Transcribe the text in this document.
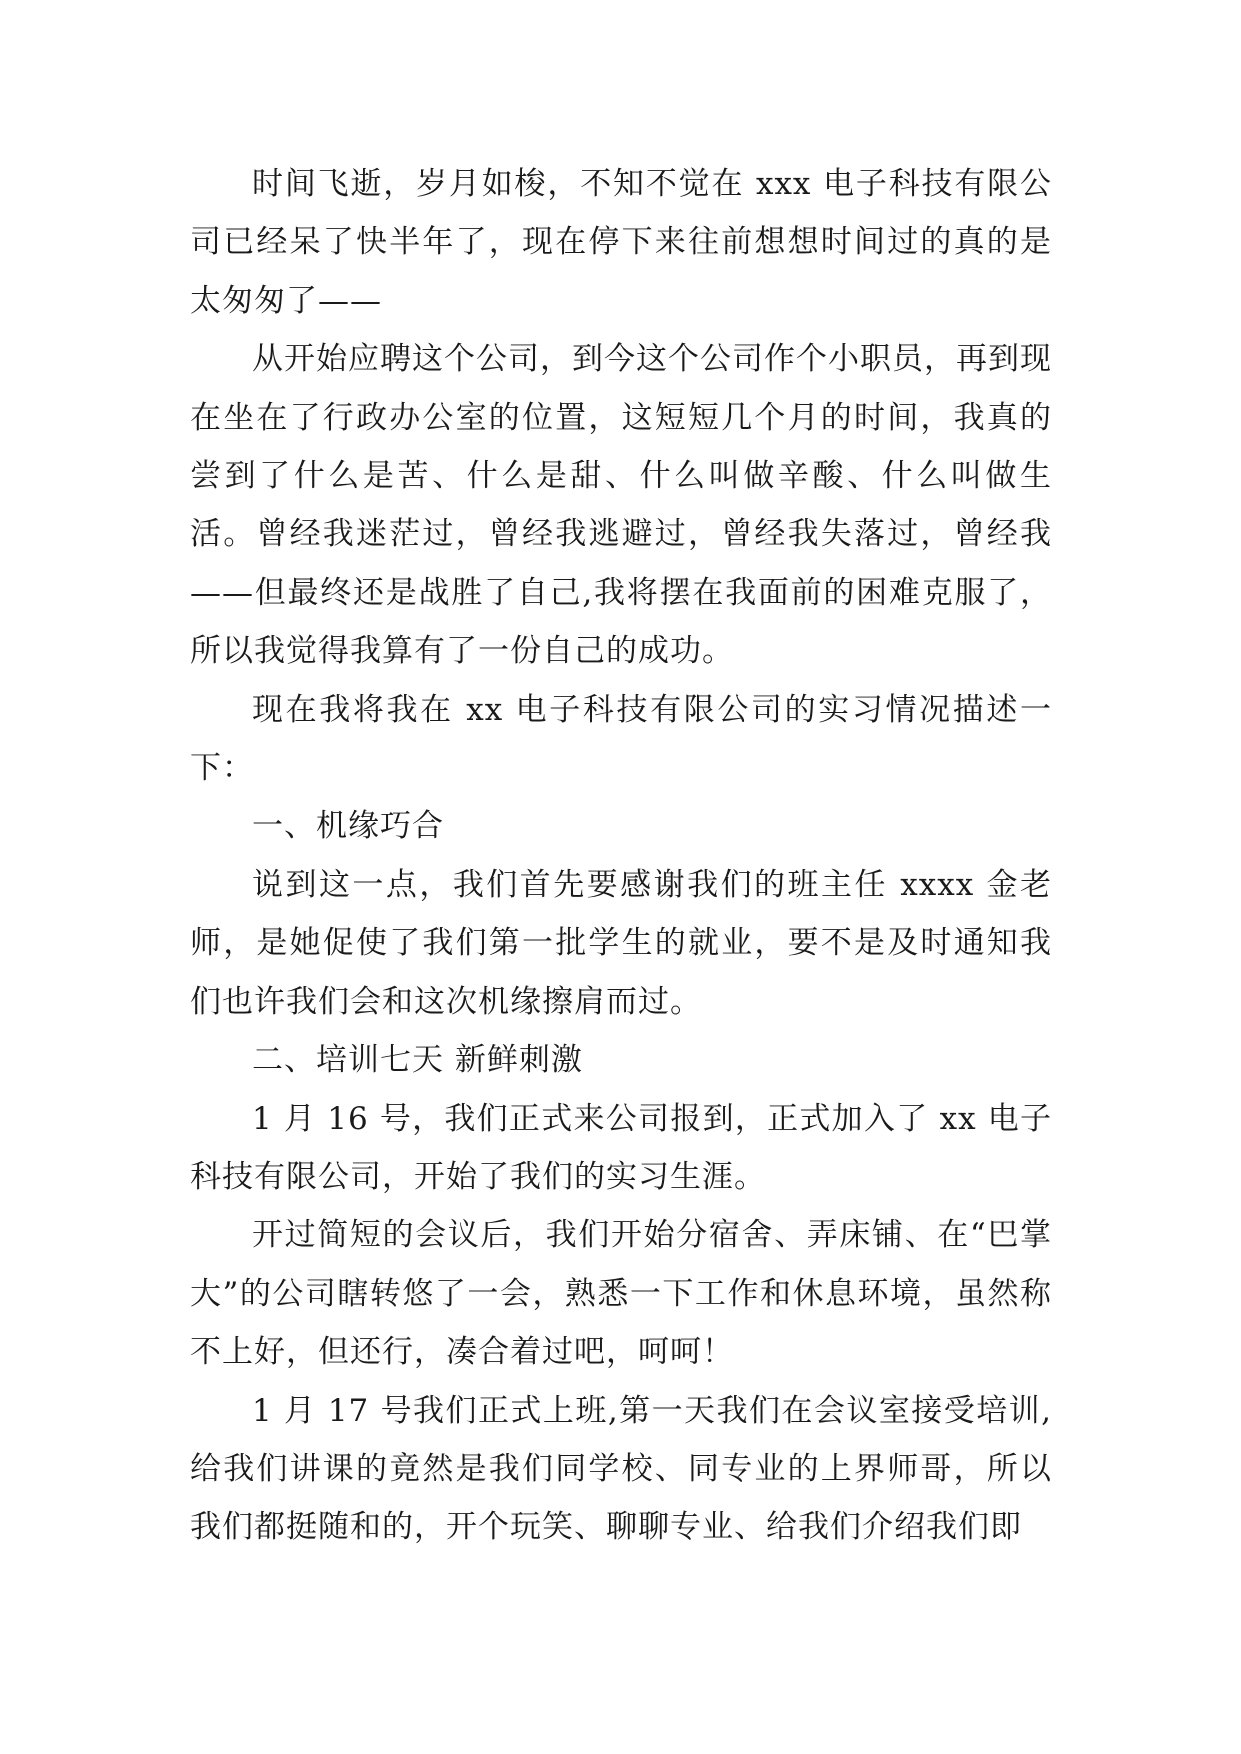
时间飞逝，岁月如梭，不知不觉在 xxx 电子科技有限公司已经呆了快半年了，现在停下来往前想想时间过的真的是太匆匆了——

从开始应聘这个公司，到今这个公司作个小职员，再到现在坐在了行政办公室的位置，这短短几个月的时间，我真的尝到了什么是苦、什么是甜、什么叫做辛酸、什么叫做生活。曾经我迷茫过，曾经我逃避过，曾经我失落过，曾经我——但最终还是战胜了自己,我将摆在我面前的困难克服了，所以我觉得我算有了一份自己的成功。

现在我将我在 xx 电子科技有限公司的实习情况描述一下：

一、机缘巧合

说到这一点，我们首先要感谢我们的班主任 xxxx 金老师，是她促使了我们第一批学生的就业，要不是及时通知我们也许我们会和这次机缘擦肩而过。

二、培训七天 新鲜刺激

1 月 16 号，我们正式来公司报到，正式加入了 xx 电子科技有限公司，开始了我们的实习生涯。

开过简短的会议后，我们开始分宿舍、弄床铺、在“巴掌大”的公司瞎转悠了一会，熟悉一下工作和休息环境，虽然称不上好，但还行，凑合着过吧，呵呵！

1 月 17 号我们正式上班,第一天我们在会议室接受培训,给我们讲课的竟然是我们同学校、同专业的上界师哥，所以我们都挺随和的，开个玩笑、聊聊专业、给我们介绍我们即
